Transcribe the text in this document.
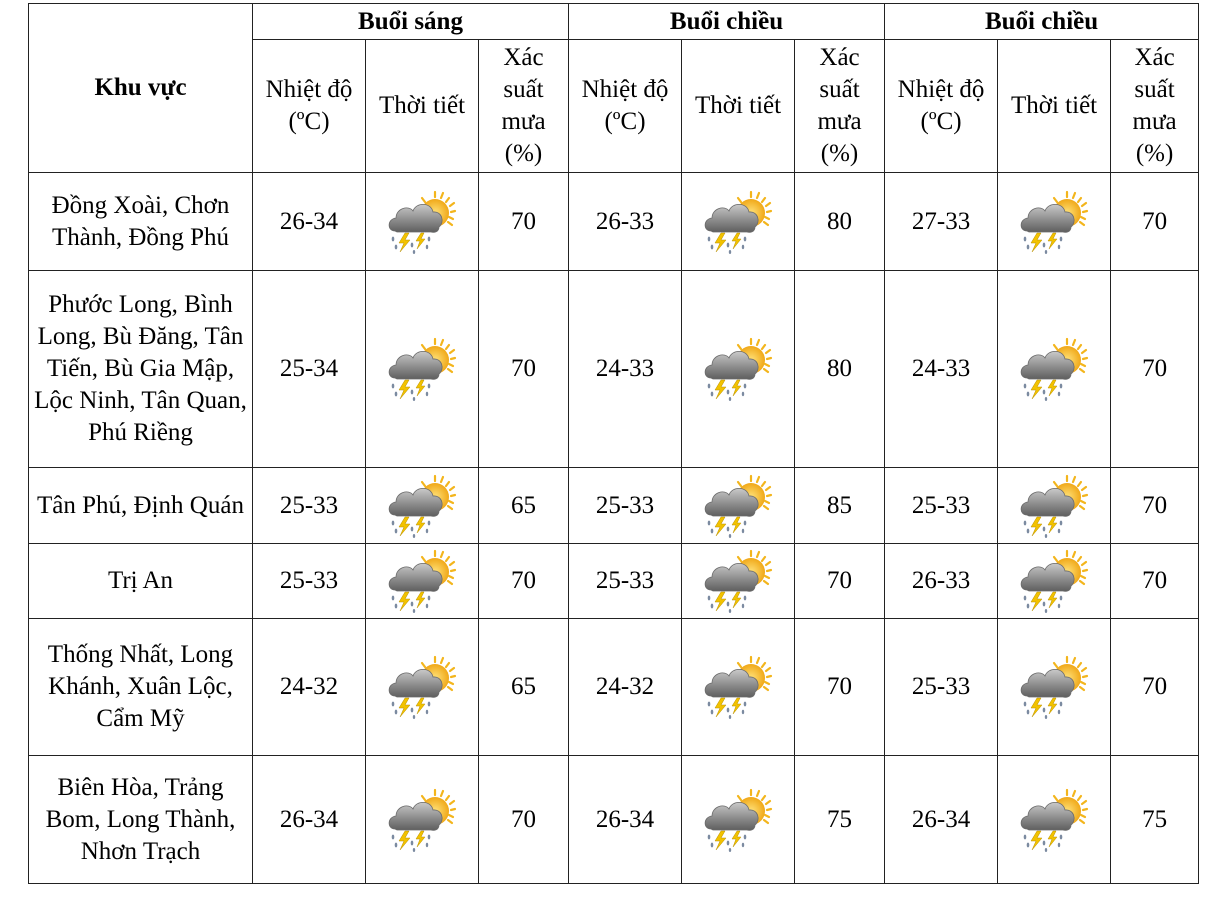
Khu vực	Buổi sáng			Buổi chiều			Buổi chiều		
	Nhiệt độ (ºC)	Thời tiết	Xác suất mưa (%)	Nhiệt độ (ºC)	Thời tiết	Xác suất mưa (%)	Nhiệt độ (ºC)	Thời tiết	Xác suất mưa (%)
Đồng Xoài, Chơn Thành, Đồng Phú	26-34		70	26-33		80	27-33		70
Phước Long, Bình Long, Bù Đăng, Tân Tiến, Bù Gia Mập, Lộc Ninh, Tân Quan, Phú Riềng	25-34		70	24-33		80	24-33		70
Tân Phú, Định Quán	25-33		65	25-33		85	25-33		70
Trị An	25-33		70	25-33		70	26-33		70
Thống Nhất, Long Khánh, Xuân Lộc, Cẩm Mỹ	24-32		65	24-32		70	25-33		70
Biên Hòa, Trảng Bom, Long Thành, Nhơn Trạch	26-34		70	26-34		75	26-34		75
